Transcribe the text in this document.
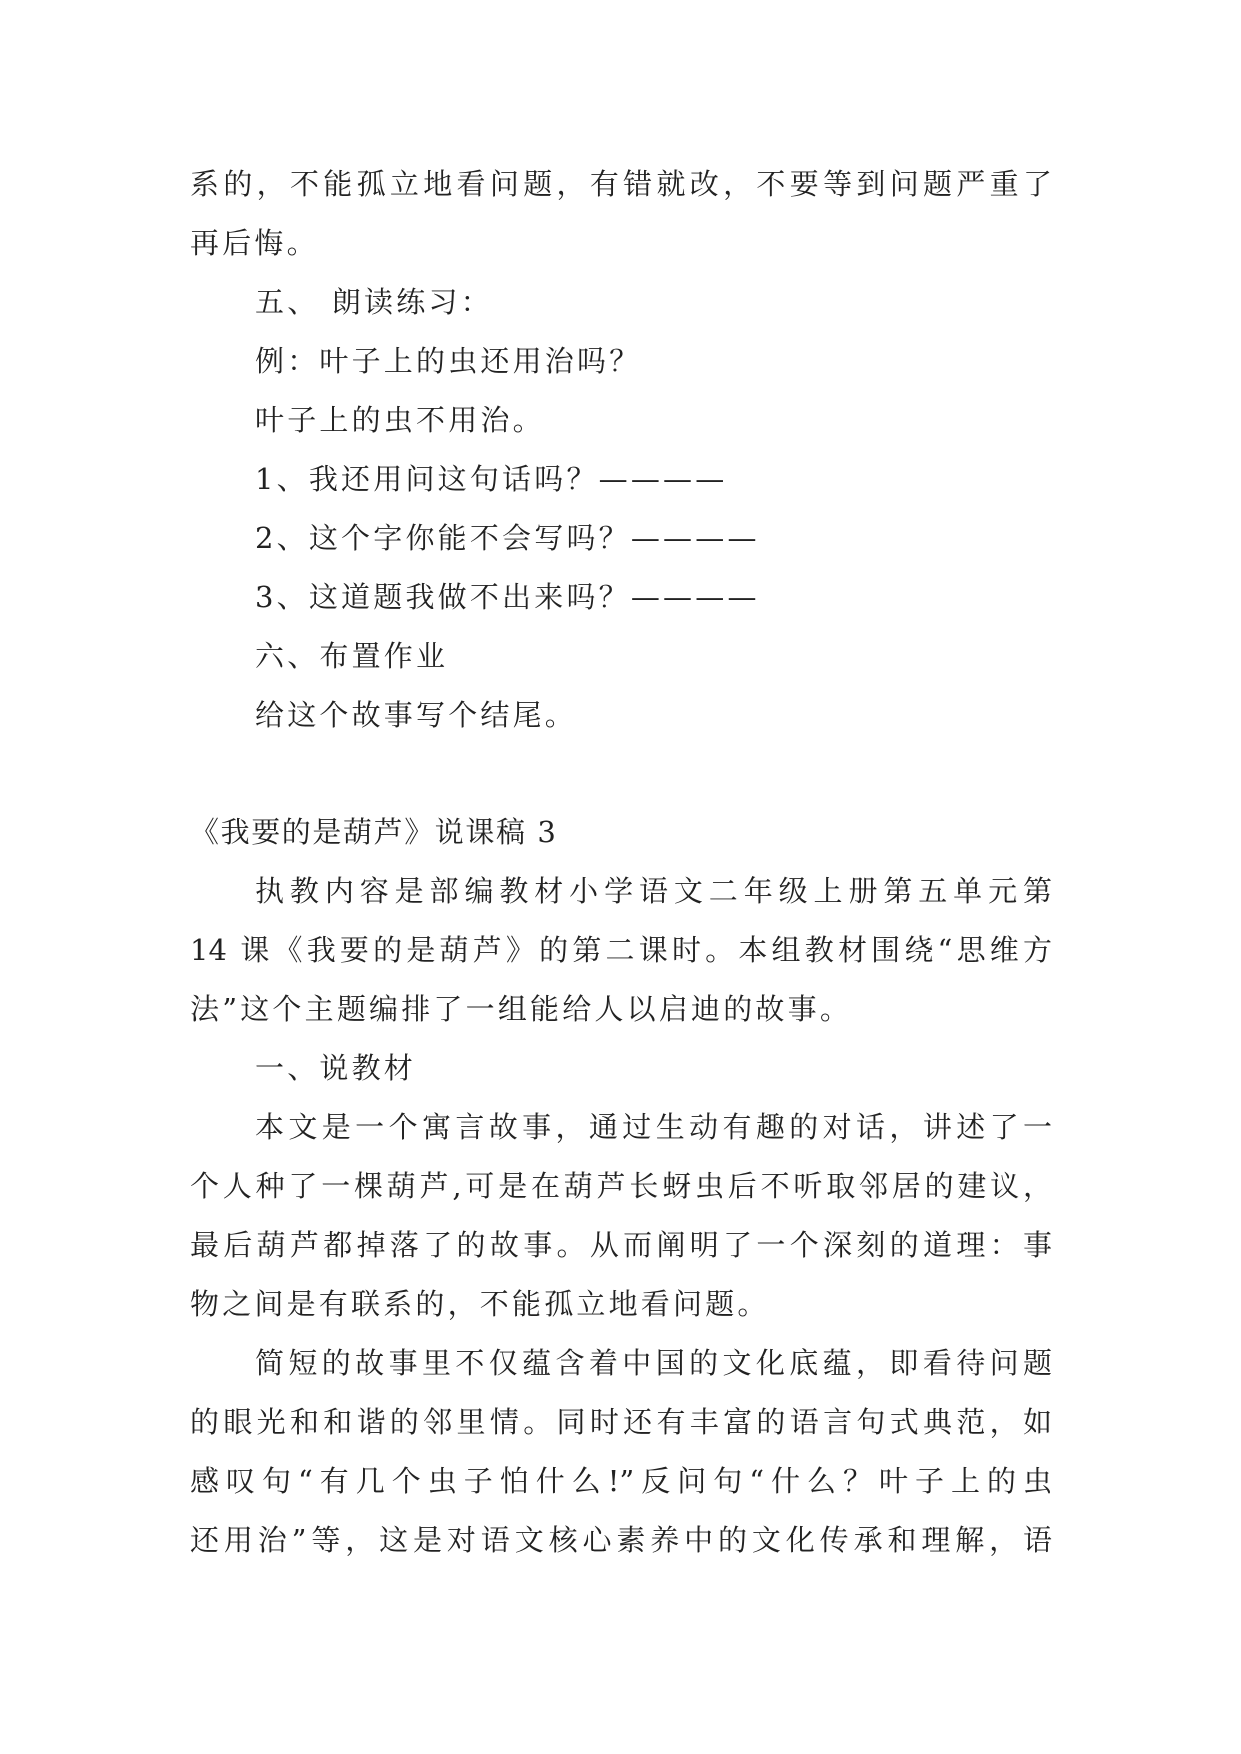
系的，不能孤立地看问题，有错就改，不要等到问题严重了
再后悔。
五、 朗读练习：
例：叶子上的虫还用治吗？
叶子上的虫不用治。
1、我还用问这句话吗？————
2、这个字你能不会写吗？————
3、这道题我做不出来吗？————
六、布置作业
给这个故事写个结尾。
《我要的是葫芦》说课稿 3
执教内容是部编教材小学语文二年级上册第五单元第
14 课《我要的是葫芦》的第二课时。本组教材围绕“思维方
法”这个主题编排了一组能给人以启迪的故事。
一、说教材
本文是一个寓言故事，通过生动有趣的对话，讲述了一
个人种了一棵葫芦,可是在葫芦长蚜虫后不听取邻居的建议，
最后葫芦都掉落了的故事。从而阐明了一个深刻的道理：事
物之间是有联系的，不能孤立地看问题。
简短的故事里不仅蕴含着中国的文化底蕴，即看待问题
的眼光和和谐的邻里情。同时还有丰富的语言句式典范，如
感叹句“有几个虫子怕什么!”反问句“什么？叶子上的虫
还用治”等，这是对语文核心素养中的文化传承和理解，语
